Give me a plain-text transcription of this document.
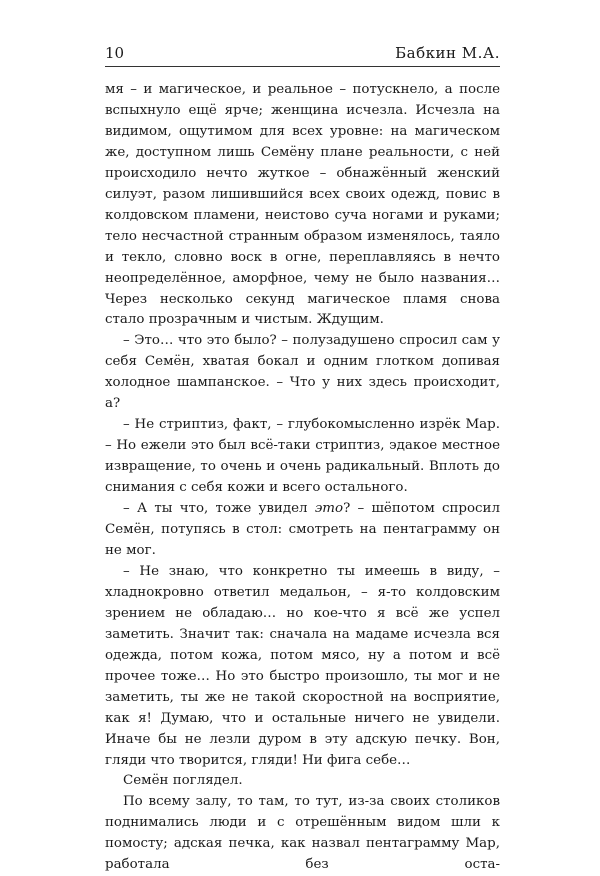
10	Бабкин М.А.

мя – и магическое, и реальное – потускнело, а после вспыхнуло ещё ярче; женщина исчезла. Исчезла на видимом, ощутимом для всех уровне: на магическом же, доступном лишь Семёну плане реальности, с ней происходило нечто жуткое – обнажённый женский силуэт, разом лишившийся всех своих одежд, повис в колдовском пламени, неистово суча ногами и руками; тело несчастной странным образом изменялось, таяло и текло, словно воск в огне, переплавляясь в нечто неопределённое, аморфное, чему не было названия… Через несколько секунд магическое пламя снова стало прозрачным и чистым. Ждущим.

– Это… что это было? – полузадушено спросил сам у себя Семён, хватая бокал и одним глотком допивая холодное шампанское. – Что у них здесь происходит, а?

– Не стриптиз, факт, – глубокомысленно изрёк Мар. – Но ежели это был всё-таки стриптиз, эдакое местное извращение, то очень и очень радикальный. Вплоть до снимания с себя кожи и всего остального.

– А ты что, тоже увидел это? – шёпотом спросил Семён, потупясь в стол: смотреть на пентаграмму он не мог.

– Не знаю, что конкретно ты имеешь в виду, – хладнокровно ответил медальон, – я-то колдовским зрением не обладаю… но кое-что я всё же успел заметить. Значит так: сначала на мадаме исчезла вся одежда, потом кожа, потом мясо, ну а потом и всё прочее тоже… Но это быстро произошло, ты мог и не заметить, ты же не такой скоростной на восприятие, как я! Думаю, что и остальные ничего не увидели. Иначе бы не лезли дуром в эту адскую печку. Вон, гляди что творится, гляди! Ни фига себе…

Семён поглядел.

По всему залу, то там, то тут, из-за своих столиков поднимались люди и с отрешённым видом шли к помосту; адская печка, как назвал пентаграмму Мар, работала без оста-
